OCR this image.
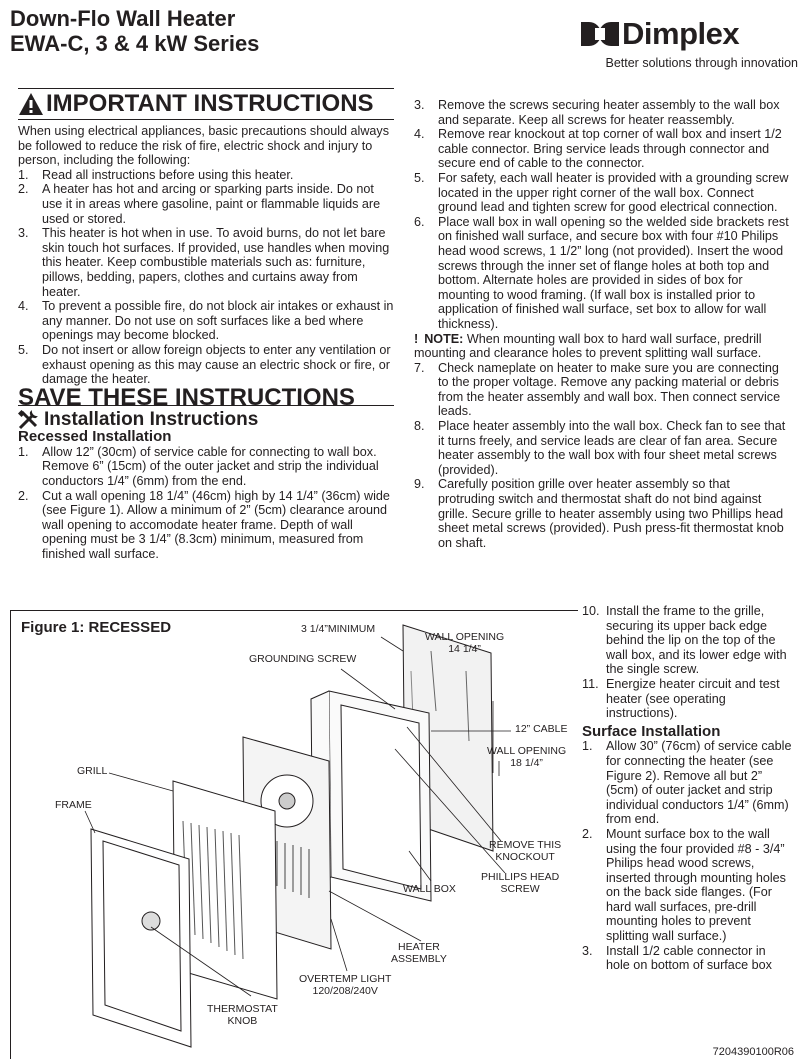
Down-Flo Wall Heater
EWA-C, 3 & 4 kW Series	Dimplex
Better solutions through innovation
IMPORTANT INSTRUCTIONS

When using electrical appliances, basic precautions should always be followed to reduce the risk of fire, electric shock and injury to person, including the following:

1. Read all instructions before using this heater.
2. A heater has hot and arcing or sparking parts inside. Do not use it in areas where gasoline, paint or flammable liquids are used or stored.
3. This heater is hot when in use. To avoid burns, do not let bare skin touch hot surfaces. If provided, use handles when moving this heater. Keep combustible materials such as: furniture, pillows, bedding, papers, clothes and curtains away from heater.
4. To prevent a possible fire, do not block air intakes or exhaust in any manner. Do not use on soft surfaces like a bed where openings may become blocked.
5. Do not insert or allow foreign objects to enter any ventilation or exhaust opening as this may cause an electric shock or fire, or damage the heater.
SAVE THESE INSTRUCTIONS
Installation Instructions
Recessed Installation
1. Allow 12” (30cm) of service cable for connecting to wall box. Remove 6” (15cm) of the outer jacket and strip the individual conductors 1/4” (6mm) from the end.
2. Cut a wall opening 18 1/4” (46cm) high by 14 1/4” (36cm) wide (see Figure 1). Allow a minimum of 2” (5cm) clearance around wall opening to accomodate heater frame. Depth of wall opening must be 3 1/4” (8.3cm) minimum, measured from finished wall surface.
3. Remove the screws securing heater assembly to the wall box and separate. Keep all screws for heater reassembly.
4. Remove rear knockout at top corner of wall box and insert 1/2 cable connector. Bring service leads through connector and secure end of cable to the connector.
5. For safety, each wall heater is provided with a grounding screw located in the upper right corner of the wall box. Connect ground lead and tighten screw for good electrical connection.
6. Place wall box in wall opening so the welded side brackets rest on finished wall surface, and secure box with four #10 Philips head wood screws, 1 1/2” long (not provided). Insert the wood screws through the inner set of flange holes at both top and bottom. Alternate holes are provided in sides of box for mounting to wood framing. (If wall box is installed prior to application of finished wall surface, set box to allow for wall thickness).

! NOTE: When mounting wall box to hard wall surface, predrill mounting and clearance holes to prevent splitting wall surface.

7. Check nameplate on heater to make sure you are connecting to the proper voltage. Remove any packing material or debris from the heater assembly and wall box. Then connect service leads.
8. Place heater assembly into the wall box. Check fan to see that it turns freely, and service leads are clear of fan area. Secure heater assembly to the wall box with four sheet metal screws (provided).
9. Carefully position grille over heater assembly so that protruding switch and thermostat shaft do not bind against grille. Secure grille to heater assembly using two Phillips head sheet metal screws (provided). Push press-fit thermostat knob on shaft.
10. Install the frame to the grille, securing its upper back edge behind the lip on the top of the wall box, and its lower edge with the single screw.
11. Energize heater circuit and test heater (see operating instructions).
Surface Installation
1. Allow 30” (76cm) of service cable for connecting the heater (see Figure 2). Remove all but 2” (5cm) of outer jacket and strip individual conductors 1/4” (6mm) from end.
2. Mount surface box to the wall using the four provided #8 - 3/4” Philips head wood screws, inserted through mounting holes on the back side flanges. (For hard wall surfaces, pre-drill mounting holes to prevent splitting wall surface.)
3. Install 1/2 cable connector in hole on bottom of surface box
Figure 1: RECESSED	3 1/4”MINIMUM
GROUNDING SCREW
WALL OPENING
14 1/4”
12” CABLE
WALL OPENING
18 1/4”
GRILL
FRAME
REMOVE THIS
KNOCKOUT
PHILLIPS HEAD
SCREW
WALL BOX
HEATER
ASSEMBLY
OVERTEMP LIGHT
120/208/240V
THERMOSTAT
KNOB
7204390100R06
